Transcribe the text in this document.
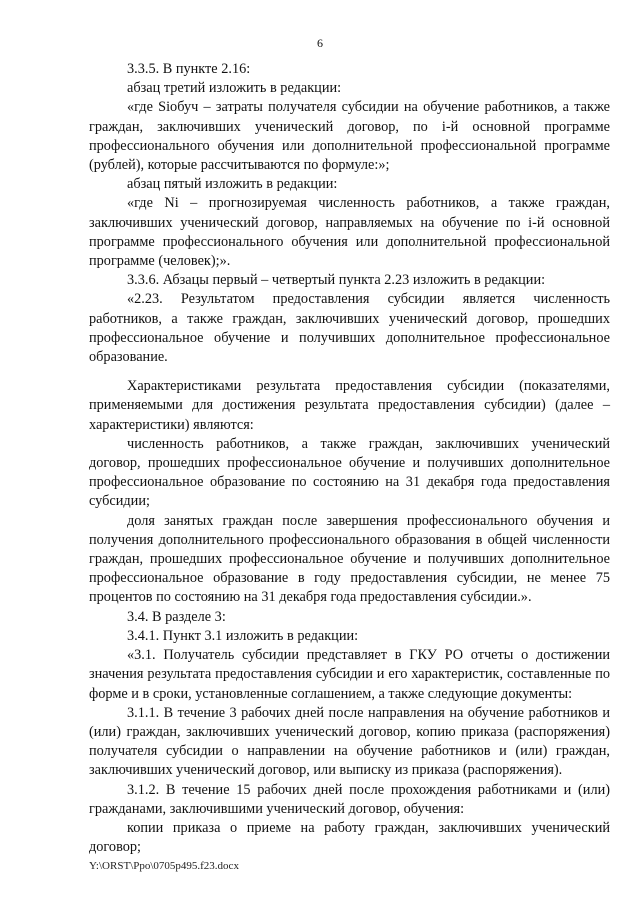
6

3.3.5. В пункте 2.16:

абзац третий изложить в редакции:

«где Siобуч – затраты получателя субсидии на обучение работников, а также граждан, заключивших ученический договор, по i-й основной программе профессионального обучения или дополнительной профессиональной программе (рублей), которые рассчитываются по формуле:»;

абзац пятый изложить в редакции:

«где Ni – прогнозируемая численность работников, а также граждан, заключивших ученический договор, направляемых на обучение по i-й основной программе профессионального обучения или дополнительной профессиональной программе (человек);».

3.3.6. Абзацы первый – четвертый пункта 2.23 изложить в редакции:

«2.23. Результатом предоставления субсидии является численность работников, а также граждан, заключивших ученический договор, прошедших профессиональное обучение и получивших дополнительное профессиональное образование.

Характеристиками результата предоставления субсидии (показателями, применяемыми для достижения результата предоставления субсидии) (далее – характеристики) являются:

численность работников, а также граждан, заключивших ученический договор, прошедших профессиональное обучение и получивших дополнительное профессиональное образование по состоянию на 31 декабря года предоставления субсидии;

доля занятых граждан после завершения профессионального обучения и получения дополнительного профессионального образования в общей численности граждан, прошедших профессиональное обучение и получивших дополнительное профессиональное образование в году предоставления субсидии, не менее 75 процентов по состоянию на 31 декабря года предоставления субсидии.».

3.4. В разделе 3:

3.4.1. Пункт 3.1 изложить в редакции:

«3.1. Получатель субсидии представляет в ГКУ РО отчеты о достижении значения результата предоставления субсидии и его характеристик, составленные по форме и в сроки, установленные соглашением, а также следующие документы:

3.1.1. В течение 3 рабочих дней после направления на обучение работников и (или) граждан, заключивших ученический договор, копию приказа (распоряжения) получателя субсидии о направлении на обучение работников и (или) граждан, заключивших ученический договор, или выписку из приказа (распоряжения).

3.1.2. В течение 15 рабочих дней после прохождения работниками и (или) гражданами, заключившими ученический договор, обучения:

копии приказа о приеме на работу граждан, заключивших ученический договор;

Y:\ORST\Ppo\0705p495.f23.docx
